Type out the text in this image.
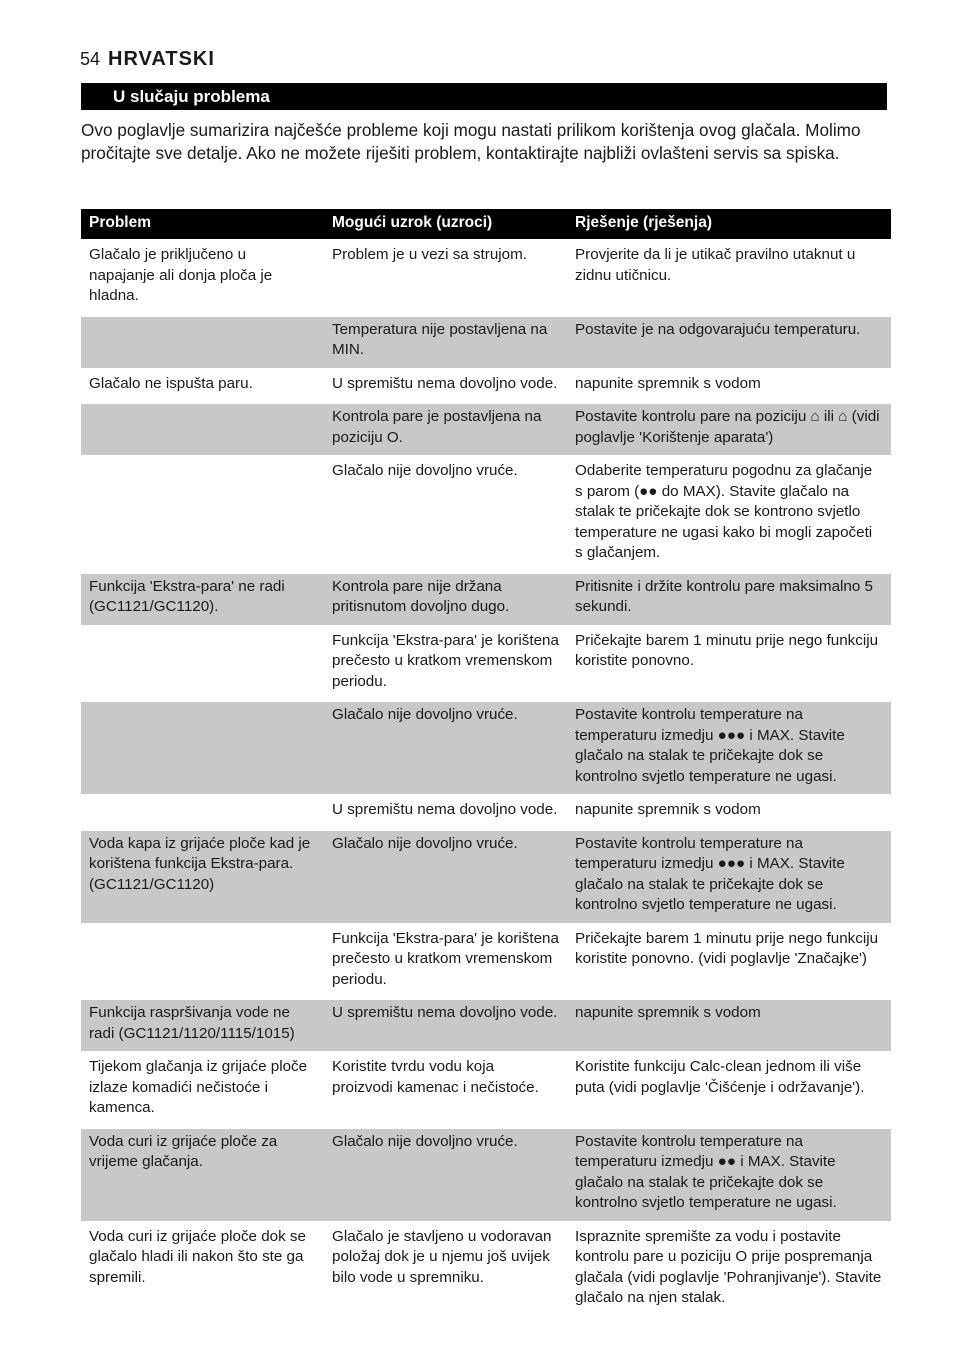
54 HRVATSKI
U slučaju problema

Ovo poglavlje sumarizira najčešće probleme koji mogu nastati prilikom korištenja ovog glačala. Molimo pročitajte sve detalje. Ako ne možete riješiti problem, kontaktirajte najbliži ovlašteni servis sa spiska.

Problem	Mogući uzrok (uzroci)	Rješenje (rješenja)
Glačalo je priključeno u napajanje ali donja ploča je hladna.	Problem je u vezi sa strujom.	Provjerite da li je utikač pravilno utaknut u zidnu utičnicu.
	Temperatura nije postavljena na MIN.	Postavite je na odgovarajuću temperaturu.
Glačalo ne ispušta paru.	U spremištu nema dovoljno vode.	napunite spremnik s vodom
	Kontrola pare je postavljena na poziciju O.	Postavite kontrolu pare na poziciju ⌂ ili ⌂ (vidi poglavlje 'Korištenje aparata')
	Glačalo nije dovoljno vruće.	Odaberite temperaturu pogodnu za glačanje s parom (●● do MAX). Stavite glačalo na stalak te pričekajte dok se kontrono svjetlo temperature ne ugasi kako bi mogli započeti s glačanjem.
Funkcija 'Ekstra-para' ne radi (GC1121/GC1120).	Kontrola pare nije držana pritisnutom dovoljno dugo.	Pritisnite i držite kontrolu pare maksimalno 5 sekundi.
	Funkcija 'Ekstra-para' je korištena prečesto u kratkom vremenskom periodu.	Pričekajte barem 1 minutu prije nego funkciju koristite ponovno.
	Glačalo nije dovoljno vruće.	Postavite kontrolu temperature na temperaturu izmedju ●●● i MAX. Stavite glačalo na stalak te pričekajte dok se kontrolno svjetlo temperature ne ugasi.
	U spremištu nema dovoljno vode.	napunite spremnik s vodom
Voda kapa iz grijaće ploče kad je korištena funkcija Ekstra-para. (GC1121/GC1120)	Glačalo nije dovoljno vruće.	Postavite kontrolu temperature na temperaturu izmedju ●●● i MAX. Stavite glačalo na stalak te pričekajte dok se kontrolno svjetlo temperature ne ugasi.
	Funkcija 'Ekstra-para' je korištena prečesto u kratkom vremenskom periodu.	Pričekajte barem 1 minutu prije nego funkciju koristite ponovno. (vidi poglavlje 'Značajke')
Funkcija raspršivanja vode ne radi (GC1121/1120/1115/1015)	U spremištu nema dovoljno vode.	napunite spremnik s vodom
Tijekom glačanja iz grijaće ploče izlaze komadići nečistoće i kamenca.	Koristite tvrdu vodu koja proizvodi kamenac i nečistoće.	Koristite funkciju Calc-clean jednom ili više puta (vidi poglavlje 'Čišćenje i održavanje').
Voda curi iz grijaće ploče za vrijeme glačanja.	Glačalo nije dovoljno vruće.	Postavite kontrolu temperature na temperaturu izmedju ●● i MAX. Stavite glačalo na stalak te pričekajte dok se kontrolno svjetlo temperature ne ugasi.
Voda curi iz grijaće ploče dok se glačalo hladi ili nakon što ste ga spremili.	Glačalo je stavljeno u vodoravan položaj dok je u njemu još uvijek bilo vode u spremniku.	Ispraznite spremište za vodu i postavite kontrolu pare u poziciju O prije pospremanja glačala (vidi poglavlje 'Pohranjivanje'). Stavite glačalo na njen stalak.
